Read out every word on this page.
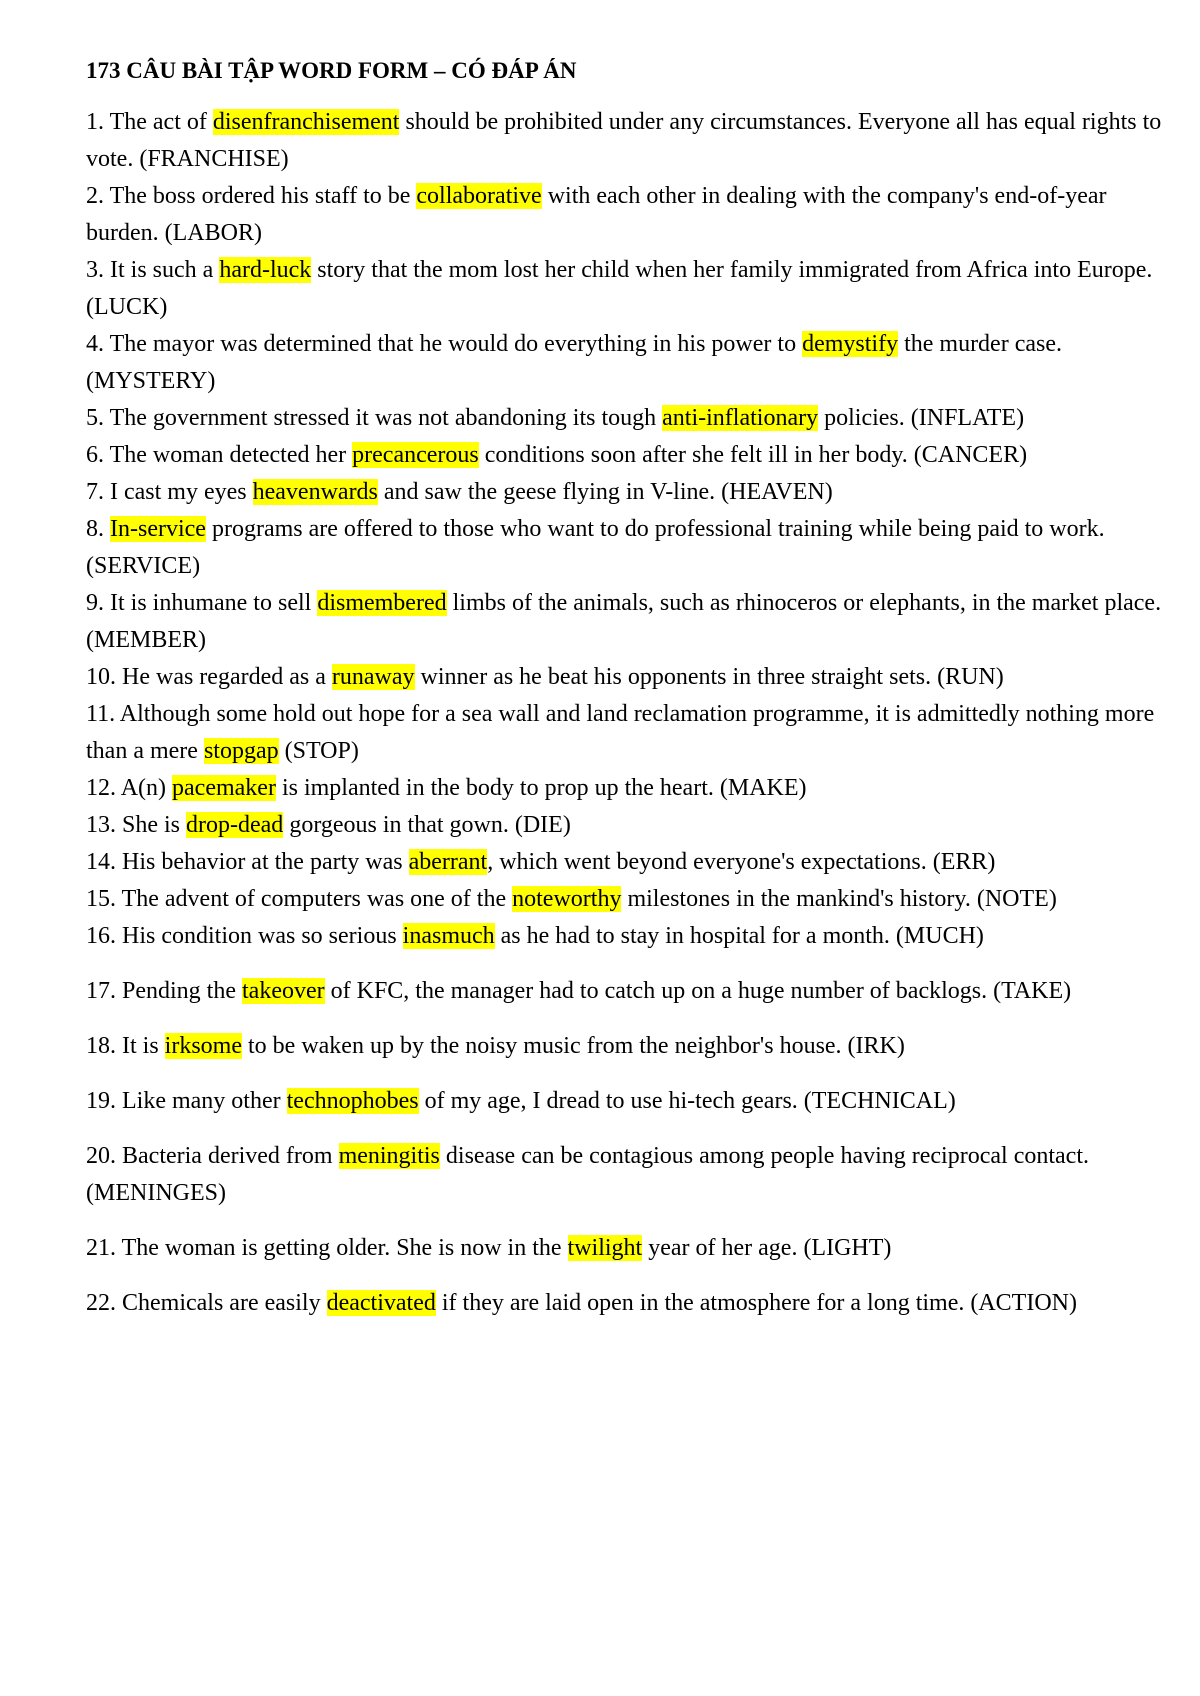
173 CÂU BÀI TẬP WORD FORM – CÓ ĐÁP ÁN
1. The act of disenfranchisement should be prohibited under any circumstances. Everyone all has equal rights to vote. (FRANCHISE)
2. The boss ordered his staff to be collaborative with each other in dealing with the company's end-of-year burden. (LABOR)
3. It is such a hard-luck story that the mom lost her child when her family immigrated from Africa into Europe. (LUCK)
4. The mayor was determined that he would do everything in his power to demystify the murder case. (MYSTERY)
5. The government stressed it was not abandoning its tough anti-inflationary policies. (INFLATE)
6. The woman detected her precancerous conditions soon after she felt ill in her body. (CANCER)
7. I cast my eyes heavenwards and saw the geese flying in V-line. (HEAVEN)
8. In-service programs are offered to those who want to do professional training while being paid to work. (SERVICE)
9. It is inhumane to sell dismembered limbs of the animals, such as rhinoceros or elephants, in the market place. (MEMBER)
10. He was regarded as a runaway winner as he beat his opponents in three straight sets. (RUN)
11. Although some hold out hope for a sea wall and land reclamation programme, it is admittedly nothing more than a mere stopgap (STOP)
12. A(n) pacemaker is implanted in the body to prop up the heart. (MAKE)
13. She is drop-dead gorgeous in that gown. (DIE)
14. His behavior at the party was aberrant, which went beyond everyone's expectations. (ERR)
15. The advent of computers was one of the noteworthy milestones in the mankind's history. (NOTE)
16. His condition was so serious inasmuch as he had to stay in hospital for a month. (MUCH)
17. Pending the takeover of KFC, the manager had to catch up on a huge number of backlogs. (TAKE)
18. It is irksome to be waken up by the noisy music from the neighbor's house. (IRK)
19. Like many other technophobes of my age, I dread to use hi-tech gears. (TECHNICAL)
20. Bacteria derived from meningitis disease can be contagious among people having reciprocal contact. (MENINGES)
21. The woman is getting older. She is now in the twilight year of her age. (LIGHT)
22. Chemicals are easily deactivated if they are laid open in the atmosphere for a long time. (ACTION)
